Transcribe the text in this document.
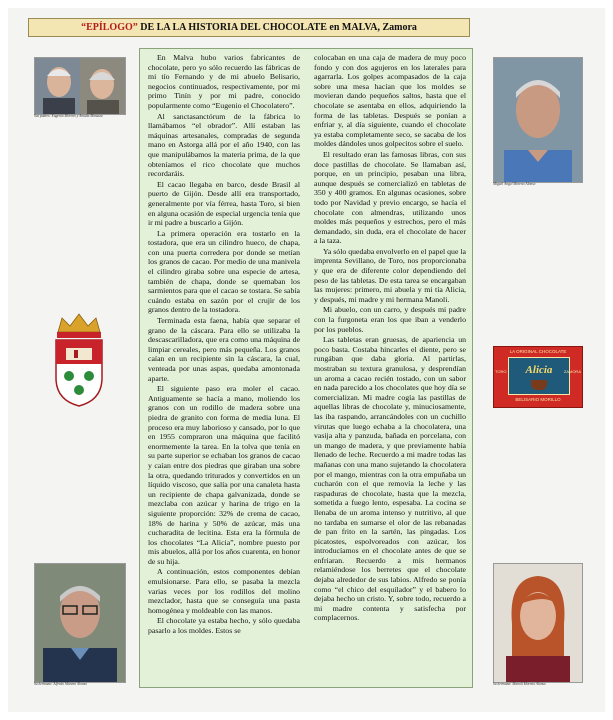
“EPÍLOGO” DE LA LA HISTORIA DEL CHOCOLATE en MALVA, Zamora
Sus padres: Eugenio Moreno y Amalia Mostaza
Miguel Ángel Moreno Alonso
LA ORIGINAL CHOCOLATE
TORO	Alicia	ZAMORA
BELISARIO MORILLO
Su hermano: Alfredo Moreno Alonso	Su hermana: Manoli Moreno Alonso

En Malva hubo varios fabricantes de chocolate, pero yo sólo recuerdo las fábricas de mi tío Fernando y de mi abuelo Belisario, negocios continuados, respectivamente, por mi primo Tinín y por mi padre, conocido popularmente como “Eugenio el Chocolatero”.

Al sanctasanctórum de la fábrica lo llamábamos “el obrador”. Allí estaban las máquinas artesanales, compradas de segunda mano en Astorga allá por el año 1940, con las que manipulábamos la materia prima, de la que obteníamos el rico chocolate que muchos recordaráis.

El cacao llegaba en barco, desde Brasil al puerto de Gijón. Desde allí era transportado, generalmente por vía férrea, hasta Toro, si bien en alguna ocasión de especial urgencia tenía que ir mi padre a buscarlo a Gijón.

La primera operación era tostarlo en la tostadora, que era un cilindro hueco, de chapa, con una puerta corredera por donde se metían los granos de cacao. Por medio de una manivela el cilindro giraba sobre una especie de artesa, también de chapa, donde se quemaban los sarmientos para que el cacao se tostara. Se sabía cuándo estaba en sazón por el crujir de los granos dentro de la tostadora.

Terminada esta faena, había que separar el grano de la cáscara. Para ello se utilizaba la descascarilladora, que era como una máquina de limpiar cereales, pero más pequeña. Los granos caían en un recipiente sin la cáscara, la cual, venteada por unas aspas, quedaba amontonada aparte.

El siguiente paso era moler el cacao. Antiguamente se hacía a mano, moliendo los granos con un rodillo de madera sobre una piedra de granito con forma de media luna. El proceso era muy laborioso y cansado, por lo que en 1955 compraron una máquina que facilitó enormemente la tarea. En la tolva que tenía en su parte superior se echaban los granos de cacao y caían entre dos piedras que giraban una sobre la otra, quedando triturados y convertidos en un líquido viscoso, que salía por una canaleta hasta un recipiente de chapa galvanizada, donde se mezclaba con azúcar y harina de trigo en la siguiente proporción: 32% de crema de cacao, 18% de harina y 50% de azúcar, más una cucharadita de lecitina. Esta era la fórmula de los chocolates “La Alicia”, nombre puesto por mis abuelos, allá por los años cuarenta, en honor de su hija.

A continuación, estos componentes debían emulsionarse. Para ello, se pasaba la mezcla varias veces por los rodillos del molino mezclador, hasta que se conseguía una pasta homogénea y moldeable con las manos.

El chocolate ya estaba hecho, y sólo quedaba pasarlo a los moldes. Estos se

colocaban en una caja de madera de muy poco fondo y con dos agujeros en los laterales para agarrarla. Los golpes acompasados de la caja sobre una mesa hacían que los moldes se movieran dando pequeños saltos, hasta que el chocolate se asentaba en ellos, adquiriendo la forma de las tabletas. Después se ponían a enfriar y, al día siguiente, cuando el chocolate ya estaba completamente seco, se sacaba de los moldes dándoles unos golpecitos sobre el suelo.

El resultado eran las famosas libras, con sus doce pastillas de chocolate. Se llamaban así, porque, en un principio, pesaban una libra, aunque después se comercializó en tabletas de 350 y 400 gramos. En algunas ocasiones, sobre todo por Navidad y previo encargo, se hacía el chocolate con almendras, utilizando unos moldes más pequeños y estrechos, pero el más demandado, sin duda, era el chocolate de hacer a la taza.

Ya sólo quedaba envolverlo en el papel que la imprenta Sevillano, de Toro, nos proporcionaba y que era de diferente color dependiendo del peso de las tabletas. De esta tarea se encargaban las mujeres: primero, mi abuela y mi tía Alicia, y después, mi madre y mi hermana Manoli.

Mi abuelo, con un carro, y después mi padre con la furgoneta eran los que iban a venderlo por los pueblos.

Las tabletas eran gruesas, de apariencia un poco basta. Costaba hincarles el diente, pero se rungában que daba gloria. Al partirlas, mostraban su textura granulosa, y desprendían un aroma a cacao recién tostado, con un sabor en nada parecido a los chocolates que hoy día se comercializan. Mi madre cogía las pastillas de aquellas libras de chocolate y, minuciosamente, las iba raspando, arrancándoles con un cuchillo virutas que luego echaba a la chocolatera, una vasija alta y panzuda, bañada en porcelana, con un mango de madera, y que previamente había llenado de leche. Recuerdo a mi madre todas las mañanas con una mano sujetando la chocolatera por el mango, mientras con la otra empuñaba un cucharón con el que removía la leche y las raspaduras de chocolate, hasta que la mezcla, sometida a fuego lento, espesaba. La cocina se llenaba de un aroma intenso y nutritivo, al que no tardaba en sumarse el olor de las rebanadas de pan frito en la sartén, las pingadas. Los picatostes, espolvoreados con azúcar, los introducíamos en el chocolate antes de que se enfriaran. Recuerdo a mis hermanos relamiéndose los berretes que el chocolate dejaba alrededor de sus labios. Alfredo se ponía como “el chico del esquilador” y el babero lo dejaba hecho un cristo. Y, sobre todo, recuerdo a mi madre contenta y satisfecha por complacernos.
